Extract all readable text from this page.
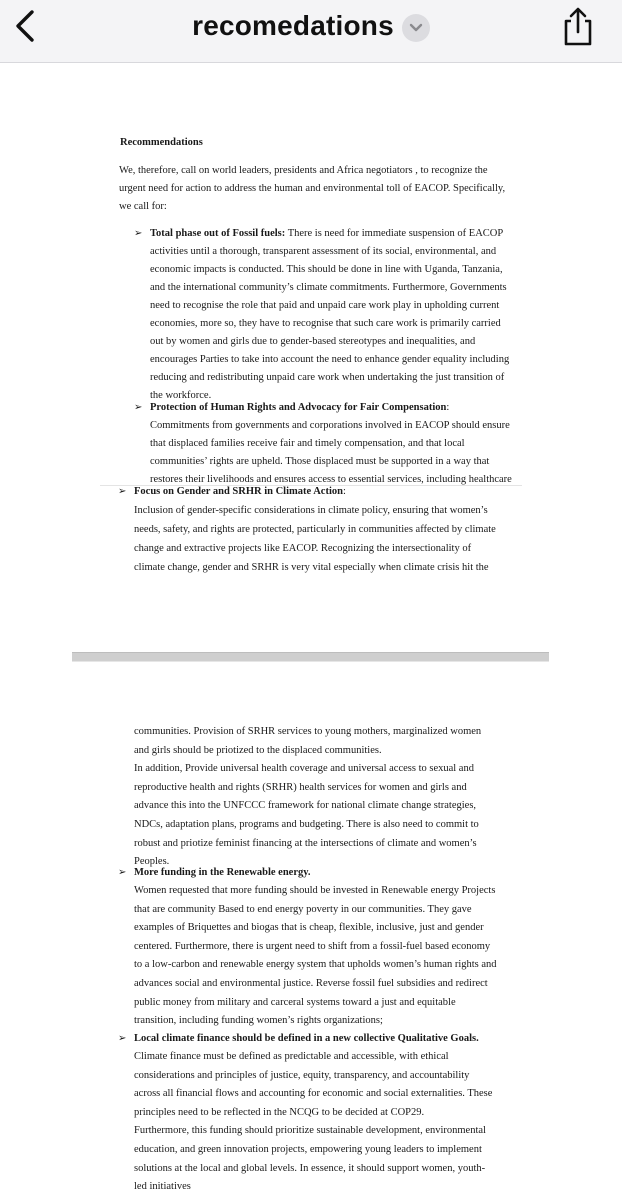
recomedations
Recommendations
We, therefore, call on world leaders, presidents and Africa negotiators , to recognize the
urgent need for action to address the human and environmental toll of EACOP. Specifically,
we call for:
➢ Total phase out of Fossil fuels: There is need for immediate suspension of EACOP
activities until a thorough, transparent assessment of its social, environmental, and
economic impacts is conducted. This should be done in line with Uganda, Tanzania,
and the international community’s climate commitments. Furthermore, Governments
need to recognise the role that paid and unpaid care work play in upholding current
economies, more so, they have to recognise that such care work is primarily carried
out by women and girls due to gender-based stereotypes and inequalities, and
encourages Parties to take into account the need to enhance gender equality including
reducing and redistributing unpaid care work when undertaking the just transition of
the workforce.
➢ Protection of Human Rights and Advocacy for Fair Compensation:
Commitments from governments and corporations involved in EACOP should ensure
that displaced families receive fair and timely compensation, and that local
communities’ rights are upheld. Those displaced must be supported in a way that
restores their livelihoods and ensures access to essential services, including healthcare
➢ Focus on Gender and SRHR in Climate Action:
Inclusion of gender-specific considerations in climate policy, ensuring that women’s
needs, safety, and rights are protected, particularly in communities affected by climate
change and extractive projects like EACOP. Recognizing the intersectionality of
climate change, gender and SRHR is very vital especially when climate crisis hit the
communities. Provision of SRHR services to young mothers, marginalized women
and girls should be priotized to the displaced communities.
In addition, Provide universal health coverage and universal access to sexual and
reproductive health and rights (SRHR) health services for women and girls and
advance this into the UNFCCC framework for national climate change strategies,
NDCs, adaptation plans, programs and budgeting. There is also need to commit to
robust and priotize feminist financing at the intersections of climate and women’s
Peoples.
➢ More funding in the Renewable energy.
Women requested that more funding should be invested in Renewable energy Projects
that are community Based to end energy poverty in our communities. They gave
examples of Briquettes and biogas that is cheap, flexible, inclusive, just and gender
centered. Furthermore, there is urgent need to shift from a fossil-fuel based economy
to a low-carbon and renewable energy system that upholds women’s human rights and
advances social and environmental justice. Reverse fossil fuel subsidies and redirect
public money from military and carceral systems toward a just and equitable
transition, including funding women’s rights organizations;
➢ Local climate finance should be defined in a new collective Qualitative Goals.
Climate finance must be defined as predictable and accessible, with ethical
considerations and principles of justice, equity, transparency, and accountability
across all financial flows and accounting for economic and social externalities. These
principles need to be reflected in the NCQG to be decided at COP29.
Furthermore, this funding should prioritize sustainable development, environmental
education, and green innovation projects, empowering young leaders to implement
solutions at the local and global levels. In essence, it should support women, youth-
led initiatives
